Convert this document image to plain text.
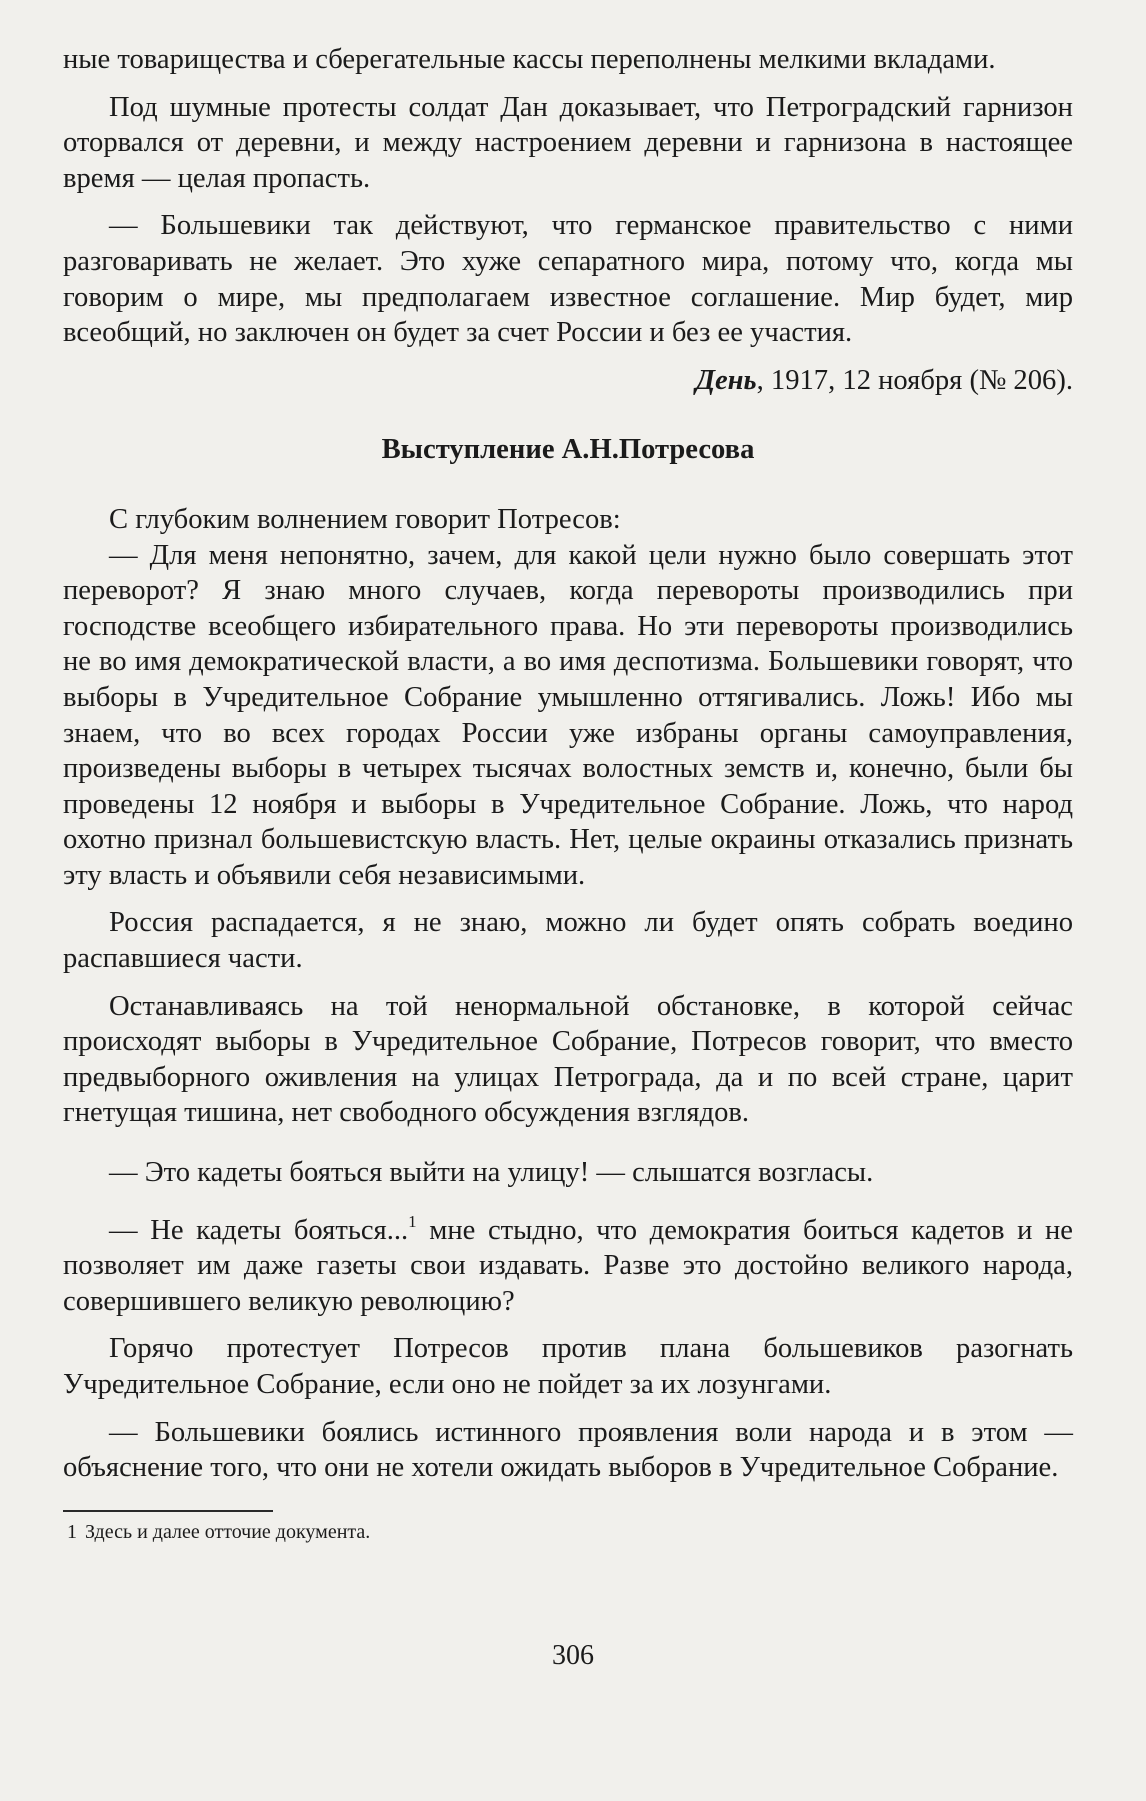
ные товарищества и сберегательные кассы переполнены мелкими вкладами.

Под шумные протесты солдат Дан доказывает, что Петроградский гарнизон оторвался от деревни, и между настроением деревни и гарнизона в настоящее время — целая пропасть.

— Большевики так действуют, что германское правительство с ними разговаривать не желает. Это хуже сепаратного мира, потому что, когда мы говорим о мире, мы предполагаем известное соглашение. Мир будет, мир всеобщий, но заключен он будет за счет России и без ее участия.

День, 1917, 12 ноября (№ 206).
Выступление А.Н.Потресова

С глубоким волнением говорит Потресов:

— Для меня непонятно, зачем, для какой цели нужно было совершать этот переворот? Я знаю много случаев, когда перевороты производились при господстве всеобщего избирательного права. Но эти перевороты производились не во имя демократической власти, а во имя деспотизма. Большевики говорят, что выборы в Учредительное Собрание умышленно оттягивались. Ложь! Ибо мы знаем, что во всех городах России уже избраны органы самоуправления, произведены выборы в четырех тысячах волостных земств и, конечно, были бы проведены 12 ноября и выборы в Учредительное Собрание. Ложь, что народ охотно признал большевистскую власть. Нет, целые окраины отказались признать эту власть и объявили себя независимыми.

Россия распадается, я не знаю, можно ли будет опять собрать воедино распавшиеся части.

Останавливаясь на той ненормальной обстановке, в которой сейчас происходят выборы в Учредительное Собрание, Потресов говорит, что вместо предвыборного оживления на улицах Петрограда, да и по всей стране, царит гнетущая тишина, нет свободного обсуждения взглядов.

— Это кадеты бояться выйти на улицу! — слышатся возгласы.

— Не кадеты бояться...$^1$ мне стыдно, что демократия боиться кадетов и не позволяет им даже газеты свои издавать. Разве это достойно великого народа, совершившего великую революцию?

Горячо протестует Потресов против плана большевиков разогнать Учредительное Собрание, если оно не пойдет за их лозунгами.

— Большевики боялись истинного проявления воли народа и в этом — объяснение того, что они не хотели ожидать выборов в Учредительное Собрание.

1 Здесь и далее отточие документа.

306
